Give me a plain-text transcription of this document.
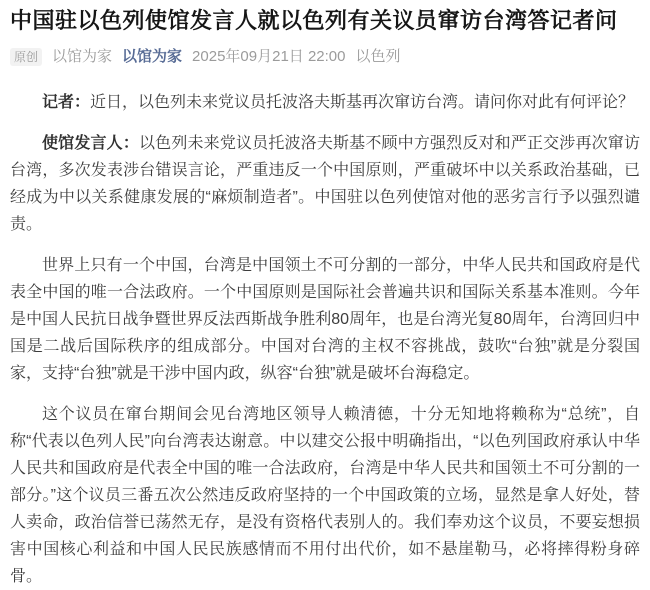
中国驻以色列使馆发言人就以色列有关议员窜访台湾答记者问
原创 以馆为家 以馆为家 2025年09月21日 22:00 以色列

记者：近日，以色列未来党议员托波洛夫斯基再次窜访台湾。请问你对此有何评论？

使馆发言人：以色列未来党议员托波洛夫斯基不顾中方强烈反对和严正交涉再次窜访台湾，多次发表涉台错误言论，严重违反一个中国原则，严重破坏中以关系政治基础，已经成为中以关系健康发展的“麻烦制造者”。中国驻以色列使馆对他的恶劣言行予以强烈谴责。

世界上只有一个中国，台湾是中国领土不可分割的一部分，中华人民共和国政府是代表全中国的唯一合法政府。一个中国原则是国际社会普遍共识和国际关系基本准则。今年是中国人民抗日战争暨世界反法西斯战争胜利80周年，也是台湾光复80周年，台湾回归中国是二战后国际秩序的组成部分。中国对台湾的主权不容挑战，鼓吹“台独”就是分裂国家，支持“台独”就是干涉中国内政，纵容“台独”就是破坏台海稳定。

这个议员在窜台期间会见台湾地区领导人赖清德，十分无知地将赖称为“总统”，自称“代表以色列人民”向台湾表达谢意。中以建交公报中明确指出，“以色列国政府承认中华人民共和国政府是代表全中国的唯一合法政府，台湾是中华人民共和国领土不可分割的一部分。”这个议员三番五次公然违反政府坚持的一个中国政策的立场，显然是拿人好处，替人卖命，政治信誉已荡然无存，是没有资格代表别人的。我们奉劝这个议员，不要妄想损害中国核心利益和中国人民民族感情而不用付出代价，如不悬崖勒马，必将摔得粉身碎骨。
